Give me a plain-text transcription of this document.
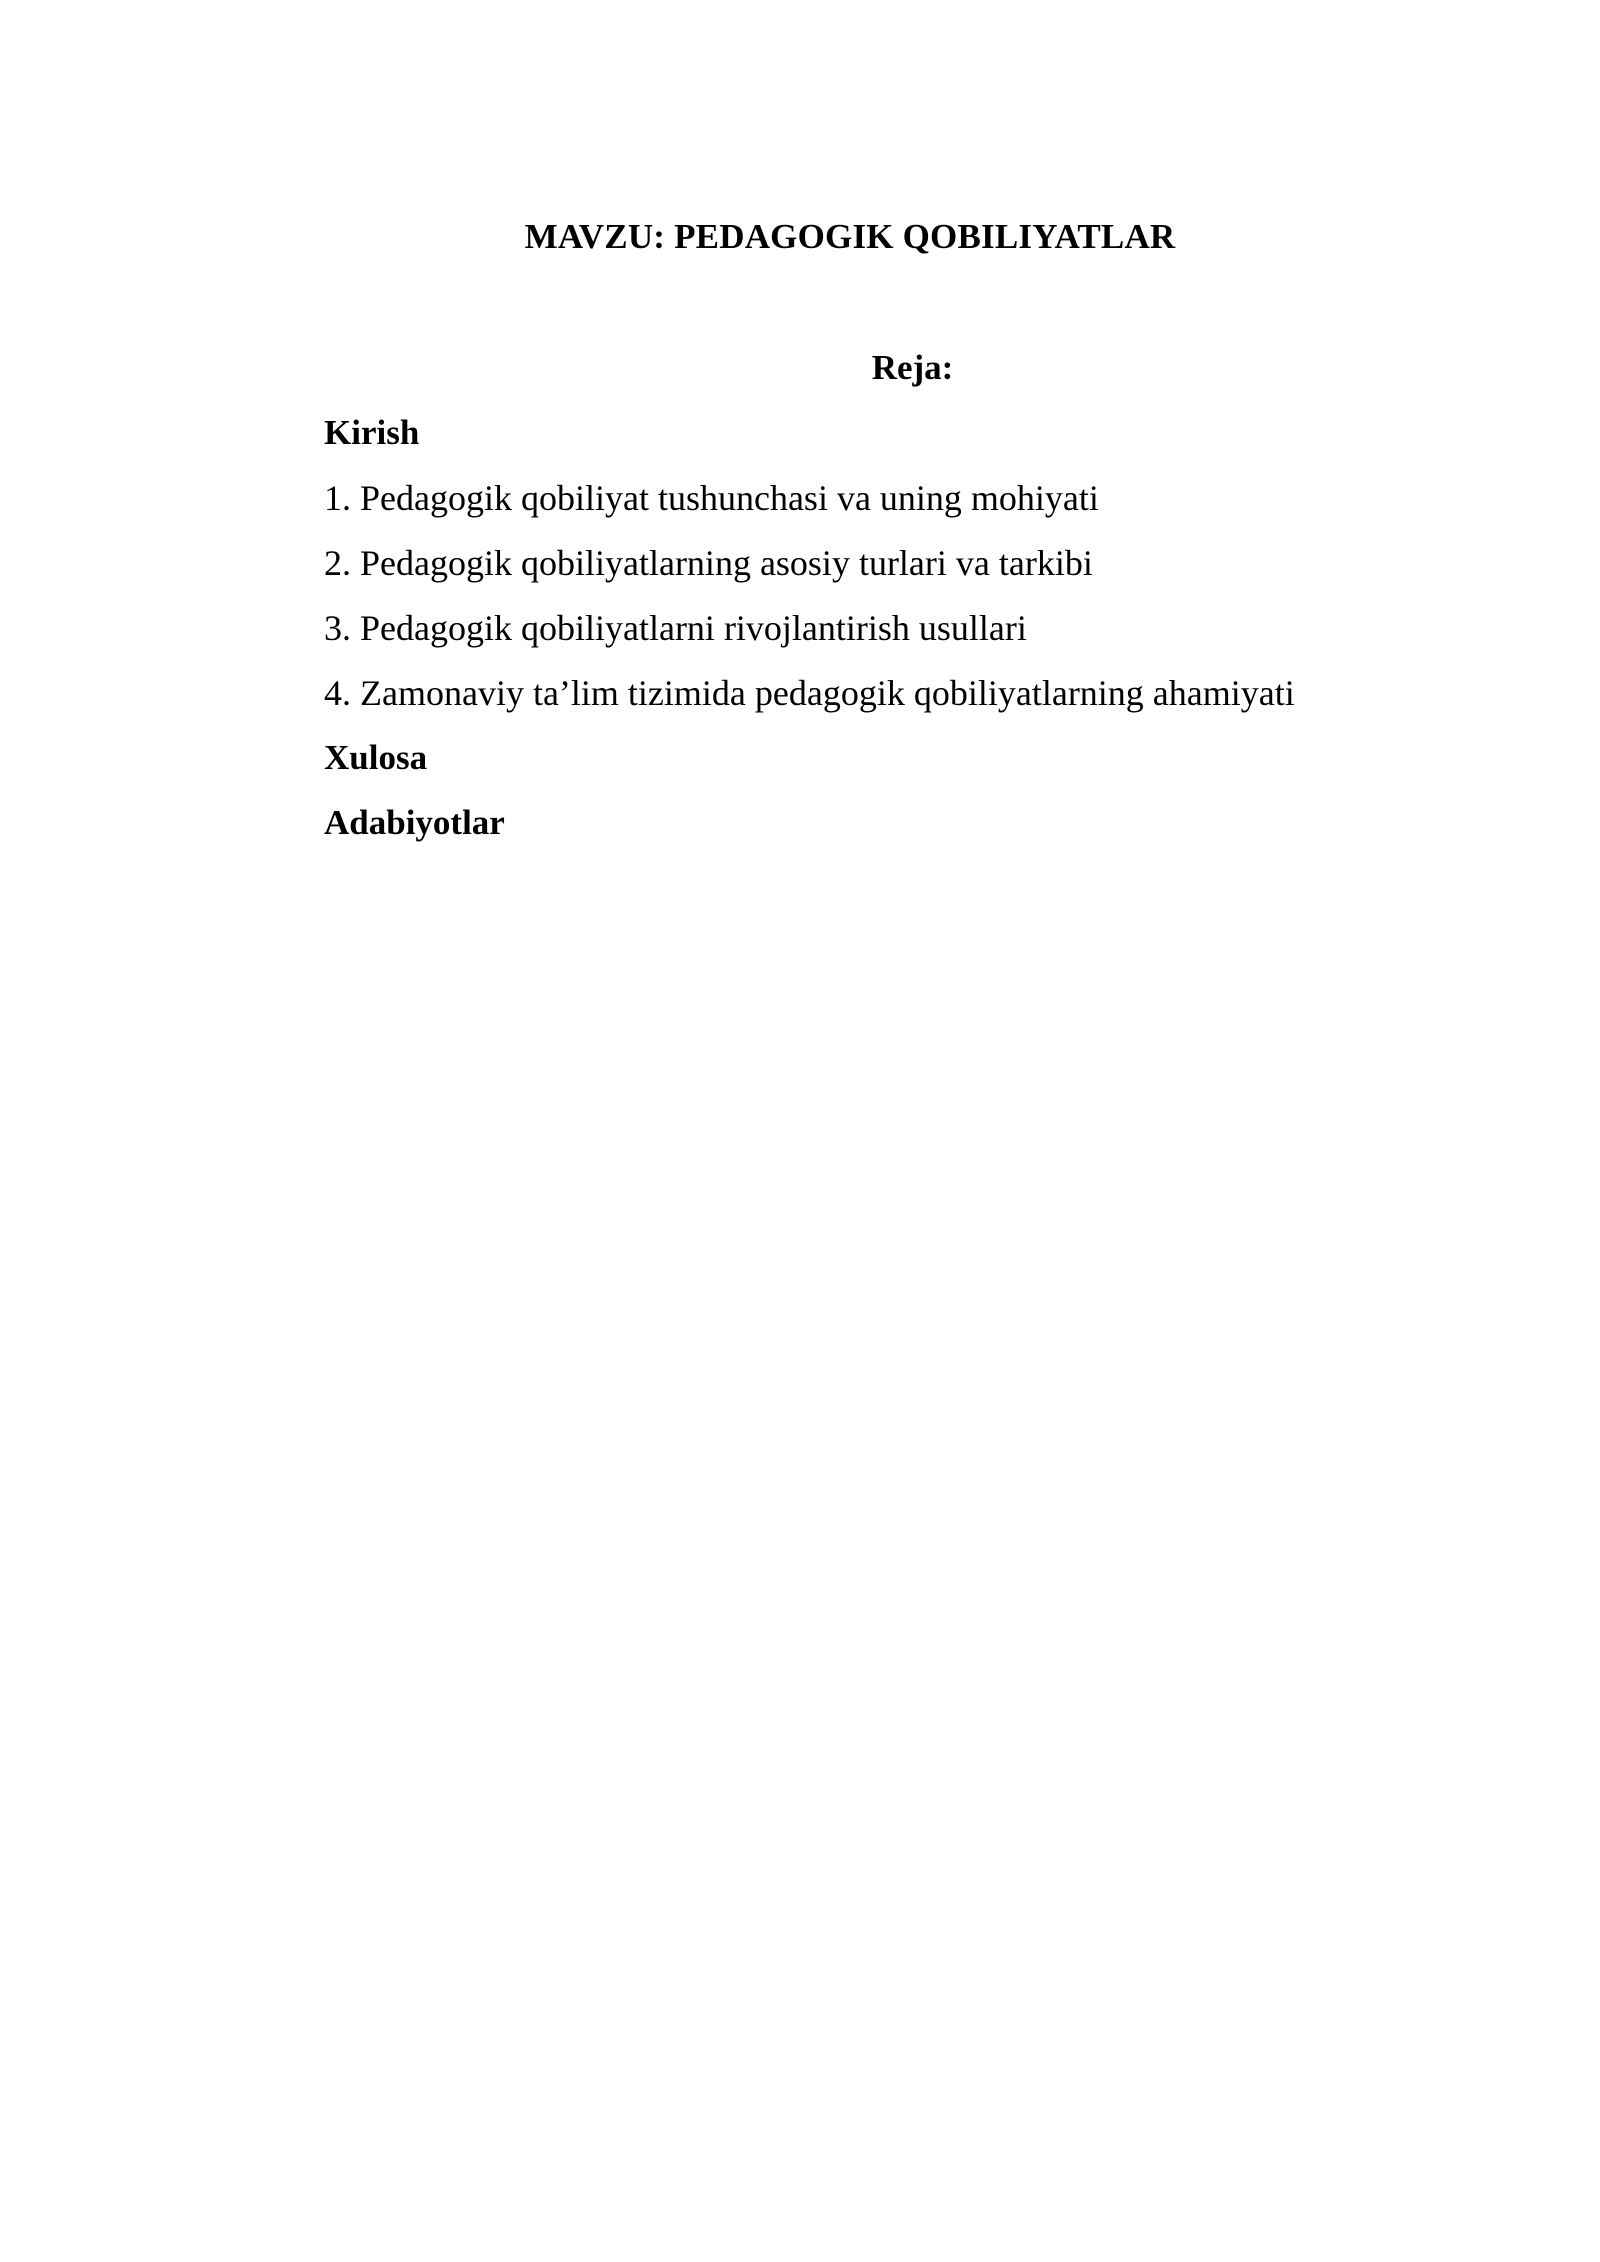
MAVZU: PEDAGOGIK QOBILIYATLAR
Reja:
Kirish
1. Pedagogik qobiliyat tushunchasi va uning mohiyati
2. Pedagogik qobiliyatlarning asosiy turlari va tarkibi
3. Pedagogik qobiliyatlarni rivojlantirish usullari
4. Zamonaviy ta’lim tizimida pedagogik qobiliyatlarning ahamiyati
Xulosa
Adabiyotlar
